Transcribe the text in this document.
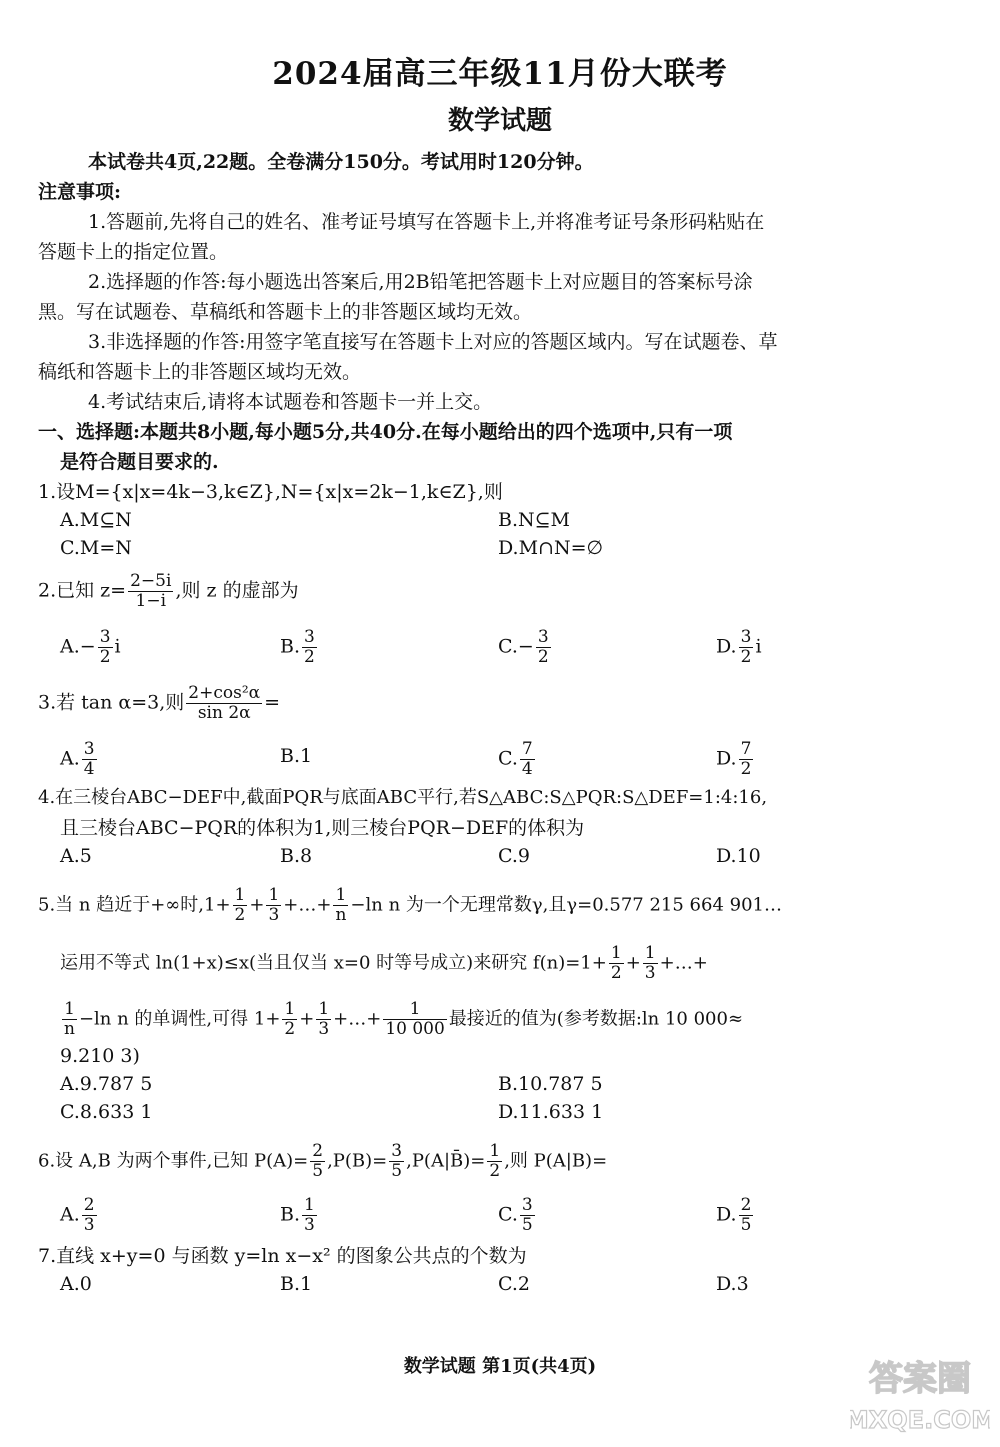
2024届高三年级11月份大联考
数学试题
本试卷共4页,22题。全卷满分150分。考试用时120分钟。
注意事项:
1.答题前,先将自己的姓名、准考证号填写在答题卡上,并将准考证号条形码粘贴在
答题卡上的指定位置。
2.选择题的作答:每小题选出答案后,用2B铅笔把答题卡上对应题目的答案标号涂
黑。写在试题卷、草稿纸和答题卡上的非答题区域均无效。
3.非选择题的作答:用签字笔直接写在答题卡上对应的答题区域内。写在试题卷、草
稿纸和答题卡上的非答题区域均无效。
4.考试结束后,请将本试题卷和答题卡一并上交。
一、选择题:本题共8小题,每小题5分,共40分.在每小题给出的四个选项中,只有一项
是符合题目要求的.
1.设M={x|x=4k−3,k∈Z},N={x|x=2k−1,k∈Z},则
A.M⊆N	B.N⊆M
C.M=N	D.M∩N=∅
2.已知 $z= \frac{2-5i}{1-i}$ ,则 z 的虚部为
$A.- \frac{3}{2}$ i	B. $\frac{3}{2}$	$C.- \frac{3}{2}$	D. $\frac{3}{2}$ i
3.若 tan α=3,则 $\frac{\text{2+cos²α}}{\sin 2\alpha}$ =
A. $\frac{3}{4}$	B.1	C. $\frac{7}{4}$	D. $\frac{7}{2}$
4.在三棱台ABC−DEF中,截面PQR与底面ABC平行,若S△ABC:S△PQR:S△DEF=1:4:16,
且三棱台ABC−PQR的体积为1,则三棱台PQR−DEF的体积为
A.5	B.8	C.9	D.10
5.当 n 趋近于+∞时$,1+ \frac{1}{2} + \frac{1}{3}$ +…+ $\frac{1}{n} -\ln$ n 为一个无理常数γ,且γ=0.577 215 664 901…
运用不等式 ln(1+x)≤x(当且仅当 x=0 时等号成立)来研究 $f(n)=1+ \frac{1}{2} + \frac{1}{3}$ +…+
$\frac{1}{n} -\ln$ n 的单调性,可得 $1+ \frac{1}{2} + \frac{1}{3}$ +…+ $\frac{1}{10 000}$ 最接近的值为(参考数据:ln 10 000≈
9.210 3)
A.9.787 5	B.10.787 5
C.8.633 1	D.11.633 1
6.设 A,B 为两个事件,已知 $P(A)= \frac{2}{5} ,P(B)= \frac{3}{5}$ ,P(A|B̄)= $\frac{1}{2}$ ,则 P(A|B)=
A. $\frac{2}{3}$	B. $\frac{1}{3}$	C. $\frac{3}{5}$	D. $\frac{2}{5}$
7.直线 x+y=0 与函数 y=ln x−x² 的图象公共点的个数为
A.0	B.1	C.2	D.3
数学试题 第1页(共4页)	答案圈
MXQE.COM
